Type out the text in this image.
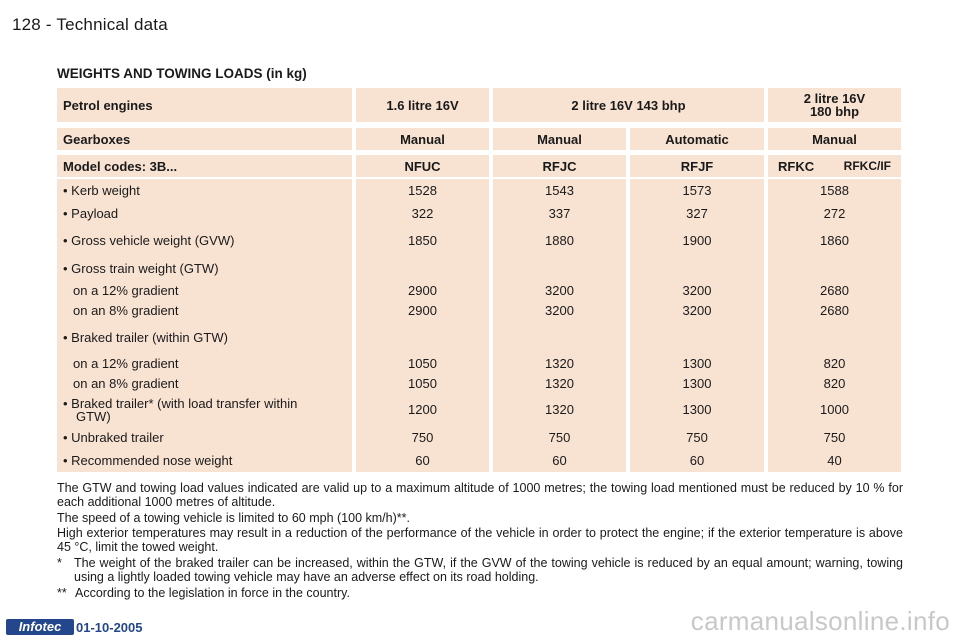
128 - Technical data
WEIGHTS AND TOWING LOADS (in kg)
Petrol engines	1.6 litre 16V	2 litre 16V 143 bhp	2 litre 16V
180 bhp
Gearboxes	Manual	Manual	Automatic	Manual
Model codes: 3B...	NFUC	RFJC	RFJF	RFKC RFKC/IF
• Kerb weight	1528	1543	1573	1588
• Payload	322	337	327	272
• Gross vehicle weight (GVW)	1850	1880	1900	1860
• Gross train weight (GTW)
on a 12% gradient	2900	3200	3200	2680
on an 8% gradient	2900	3200	3200	2680
• Braked trailer (within GTW)
on a 12% gradient	1050	1320	1300	820
on an 8% gradient	1050	1320	1300	820
• Braked trailer* (with load transfer within
GTW)	1200	1320	1300	1000
• Unbraked trailer	750	750	750	750
• Recommended nose weight	60	60	60	40
The GTW and towing load values indicated are valid up to a maximum altitude of 1000 metres; the towing load mentioned must be reduced by 10 % for each additional 1000 metres of altitude.
The speed of a towing vehicle is limited to 60 mph (100 km/h)**.
High exterior temperatures may result in a reduction of the performance of the vehicle in order to protect the engine; if the exterior temperature is above 45 °C, limit the towed weight.
* The weight of the braked trailer can be increased, within the GTW, if the GVW of the towing vehicle is reduced by an equal amount; warning, towing using a lightly loaded towing vehicle may have an adverse effect on its road holding.
** According to the legislation in force in the country.
Infotec	01-10-2005	carmanualsonline.info
